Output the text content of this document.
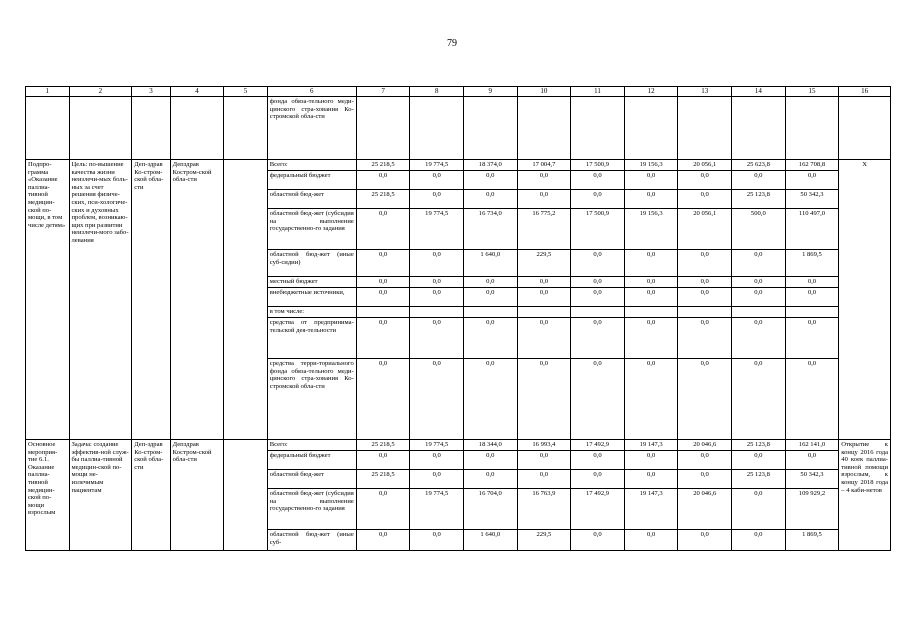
79
1	2	3	4	5	6	7	8	9	10	11	12	13	14	15	16
					фонда обяза-тельного меди-цинского стра-хования Ко-стромской обла-сти										
Подпро-грамма «Оказание паллиа-тивной медицин-ской по-мощи, в том числе детям»	Цель: по-вышение качества жизни неизлечи-мых боль-ных за счет решения физиче-ских, пси-хологиче-ских и духовных проблем, возникаю-щих при развитии неизлечи-мого забо-левания	Деп-здрав Ко-стром-ской обла-сти	Депздрав Костром-ской обла-сти		Всего:	25 218,5	19 774,5	18 374,0	17 004,7	17 500,9	19 156,3	20 056,1	25 623,8	162 708,8	Х
					федеральный бюджет	0,0	0,0	0,0	0,0	0,0	0,0	0,0	0,0	0,0	
					областной бюд-жет	25 218,5	0,0	0,0	0,0	0,0	0,0	0,0	25 123,8	50 342,3	
					областной бюд-жет (субсидия на выполнение государственно-го задания	0,0	19 774,5	16 734,0	16 775,2	17 500,9	19 156,3	20 056,1	500,0	110 497,0	
					областной бюд-жет (иные суб-сидии)	0,0	0,0	1 640,0	229,5	0,0	0,0	0,0	0,0	1 869,5	
					местный бюджет	0,0	0,0	0,0	0,0	0,0	0,0	0,0	0,0	0,0	
					внебюджетные источники,	0,0	0,0	0,0	0,0	0,0	0,0	0,0	0,0	0,0	
					в том числе:										
					средства от предпринима-тельской дея-тельности	0,0	0,0	0,0	0,0	0,0	0,0	0,0	0,0	0,0	
					средства терри-ториального фонда обяза-тельного меди-цинского стра-хования Ко-стромской обла-сти	0,0	0,0	0,0	0,0	0,0	0,0	0,0	0,0	0,0	
Основное мероприя-тие 6.1. Оказание паллиа-тивной медицин-ской по-мощи взрослым	Задача: создание эффектив-ной служ-бы паллиа-тивной медицин-ской по-мощи не-излечимым пациентам	Деп-здрав Ко-стром-ской обла-сти	Депздрав Костром-ской обла-сти		Всего:	25 218,5	19 774,5	18 344,0	16 993,4	17 492,9	19 147,3	20 046,6	25 123,8	162 141,0	Открытие к концу 2016 года 40 коек паллиа-тивной помощи взрослым, к концу 2018 года – 4 каби-нетов
					федеральный бюджет	0,0	0,0	0,0	0,0	0,0	0,0	0,0	0,0	0,0	
					областной бюд-жет	25 218,5	0,0	0,0	0,0	0,0	0,0	0,0	25 123,8	50 342,3	
					областной бюд-жет (субсидия на выполнение государственно-го задания	0,0	19 774,5	16 704,0	16 763,9	17 492,9	19 147,3	20 046,6	0,0	109 929,2	
					областной бюд-жет (иные суб-	0,0	0,0	1 640,0	229,5	0,0	0,0	0,0	0,0	1 869,5	
